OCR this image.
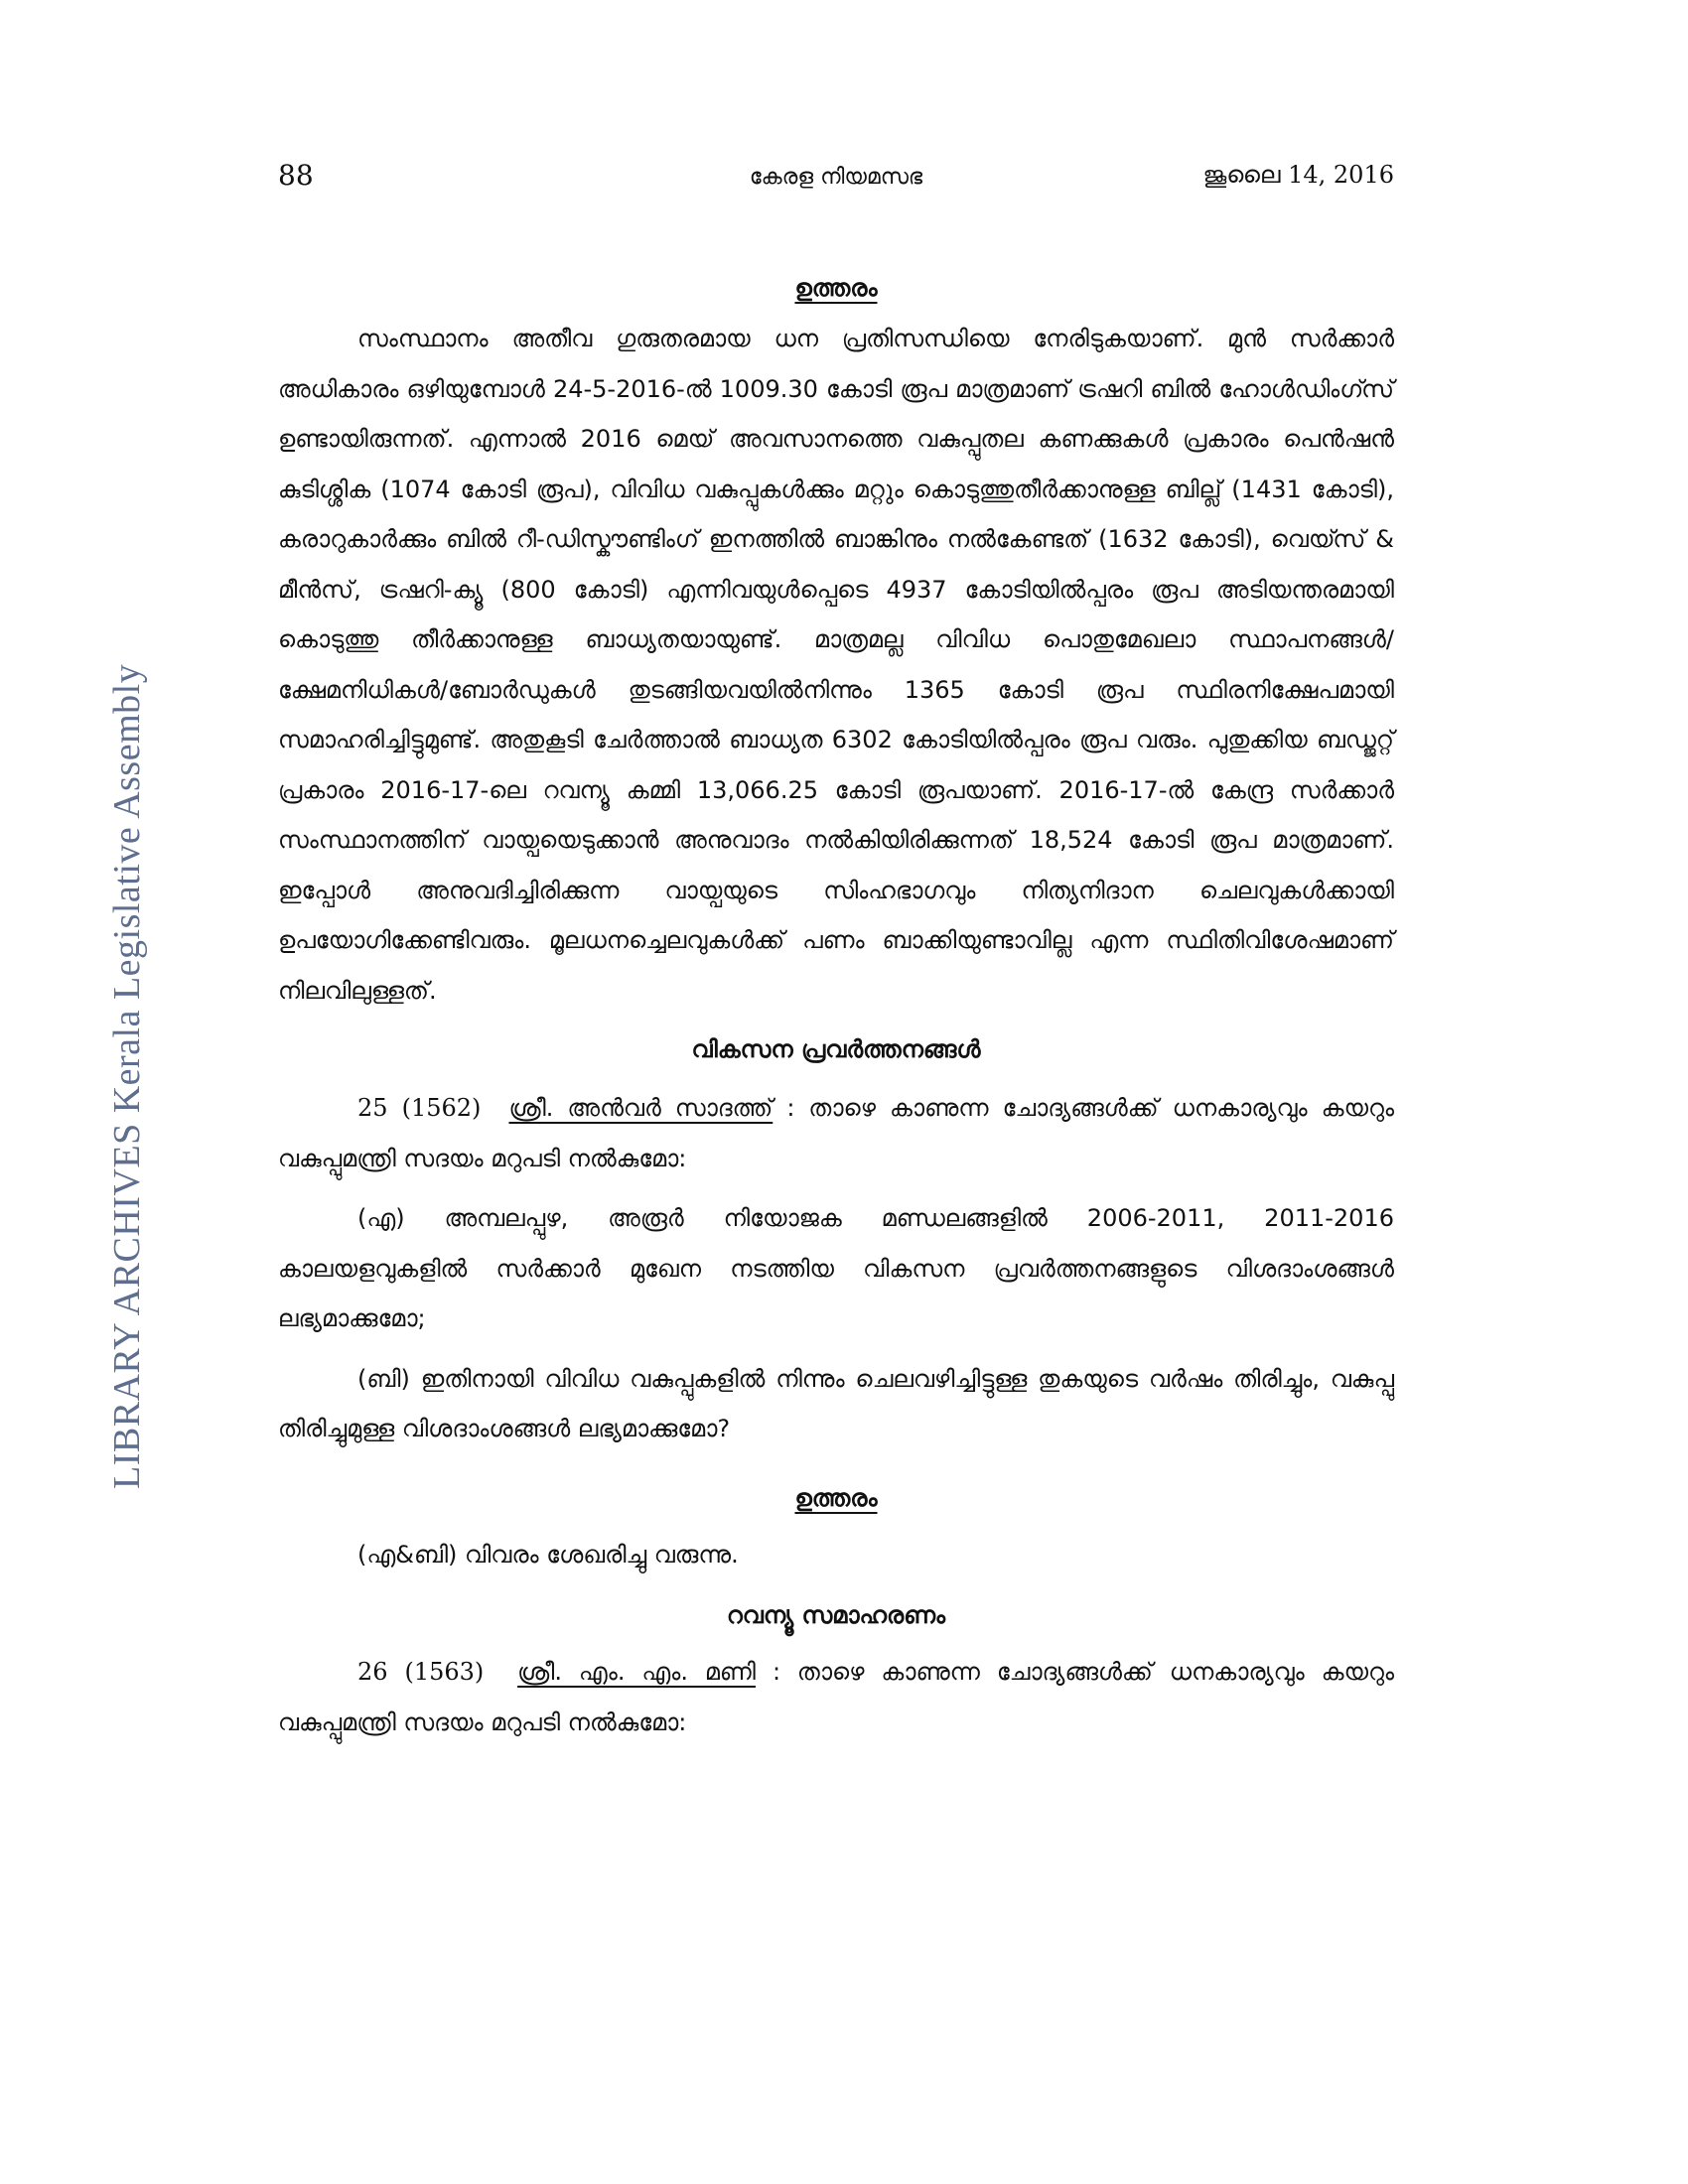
88	കേരള നിയമസഭ	ജൂലൈ 14, 2016
LIBRARY ARCHIVES Kerala Legislative Assembly
ഉത്തരം

സംസ്ഥാനം അതീവ ഗുരുതരമായ ധന പ്രതിസന്ധിയെ നേരിടുകയാണ്. മുൻ സർക്കാർ അധികാരം ഒഴിയുമ്പോൾ 24-5-2016-ൽ 1009.30 കോടി രൂപ മാത്രമാണ് ട്രഷറി ബിൽ ഹോൾഡിംഗ്സ് ഉണ്ടായിരുന്നത്. എന്നാൽ 2016 മെയ് അവസാനത്തെ വകുപ്പുതല കണക്കുകൾ പ്രകാരം പെൻഷൻ കുടിശ്ശിക (1074 കോടി രൂപ), വിവിധ വകുപ്പുകൾക്കും മറ്റും കൊടുത്തുതീർക്കാനുള്ള ബില്ല് (1431 കോടി), കരാറുകാർക്കും ബിൽ റീ-ഡിസ്കൗണ്ടിംഗ് ഇനത്തിൽ ബാങ്കിനും നൽകേണ്ടത് (1632 കോടി), വെയ്സ് & മീൻസ്, ട്രഷറി-ക്യൂ (800 കോടി) എന്നിവയുൾപ്പെടെ 4937 കോടിയിൽപ്പരം രൂപ അടിയന്തരമായി കൊടുത്തു തീർക്കാനുള്ള ബാധ്യതയായുണ്ട്. മാത്രമല്ല വിവിധ പൊതുമേഖലാ സ്ഥാപനങ്ങൾ/ ക്ഷേമനിധികൾ/ബോർഡുകൾ തുടങ്ങിയവയിൽനിന്നും 1365 കോടി രൂപ സ്ഥിരനിക്ഷേപമായി സമാഹരിച്ചിട്ടുമുണ്ട്. അതുകൂടി ചേർത്താൽ ബാധ്യത 6302 കോടിയിൽപ്പരം രൂപ വരും. പുതുക്കിയ ബഡ്ജറ്റ് പ്രകാരം 2016-17-ലെ റവന്യൂ കമ്മി 13,066.25 കോടി രൂപയാണ്. 2016-17-ൽ കേന്ദ്ര സർക്കാർ സംസ്ഥാനത്തിന് വായ്പയെടുക്കാൻ അനുവാദം നൽകിയിരിക്കുന്നത് 18,524 കോടി രൂപ മാത്രമാണ്. ഇപ്പോൾ അനുവദിച്ചിരിക്കുന്ന വായ്പയുടെ സിംഹഭാഗവും നിത്യനിദാന ചെലവുകൾക്കായി ഉപയോഗിക്കേണ്ടിവരും. മൂലധനച്ചെലവുകൾക്ക് പണം ബാക്കിയുണ്ടാവില്ല എന്ന സ്ഥിതിവിശേഷമാണ് നിലവിലുള്ളത്.

വികസന പ്രവർത്തനങ്ങൾ

25 (1562) ശ്രീ. അൻവർ സാദത്ത് : താഴെ കാണുന്ന ചോദ്യങ്ങൾക്ക് ധനകാര്യവും കയറും വകുപ്പുമന്ത്രി സദയം മറുപടി നൽകുമോ:

(എ) അമ്പലപ്പുഴ, അരൂർ നിയോജക മണ്ഡലങ്ങളിൽ 2006-2011, 2011-2016 കാലയളവുകളിൽ സർക്കാർ മുഖേന നടത്തിയ വികസന പ്രവർത്തനങ്ങളുടെ വിശദാംശങ്ങൾ ലഭ്യമാക്കുമോ;

(ബി) ഇതിനായി വിവിധ വകുപ്പുകളിൽ നിന്നും ചെലവഴിച്ചിട്ടുള്ള തുകയുടെ വർഷം തിരിച്ചും, വകുപ്പു തിരിച്ചുമുള്ള വിശദാംശങ്ങൾ ലഭ്യമാക്കുമോ?

ഉത്തരം

(എ&ബി) വിവരം ശേഖരിച്ചു വരുന്നു.

റവന്യൂ സമാഹരണം

26 (1563) ശ്രീ. എം. എം. മണി : താഴെ കാണുന്ന ചോദ്യങ്ങൾക്ക് ധനകാര്യവും കയറും വകുപ്പുമന്ത്രി സദയം മറുപടി നൽകുമോ:
